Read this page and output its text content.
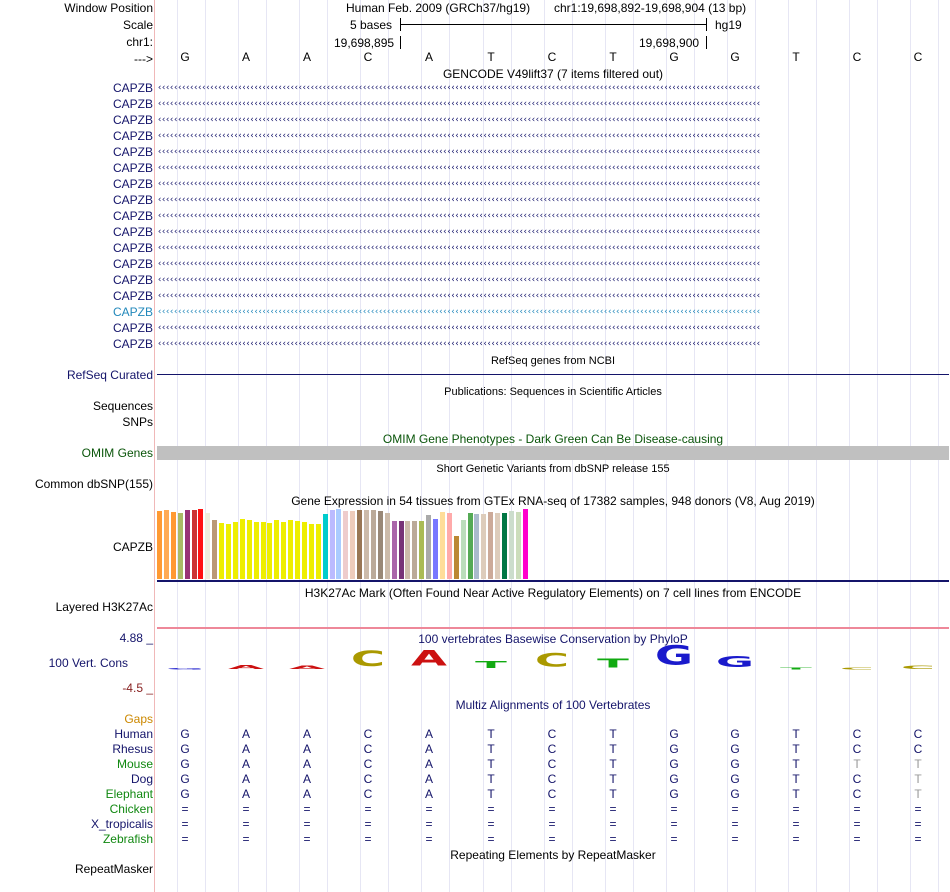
Window Position
Scale
chr1:
--->
Human Feb. 2009 (GRCh37/hg19) chr1:19,698,892-19,698,904 (13 bp)
5 bases	hg19
19,698,895	19,698,900
G	A	A	C	A	T	C	T	G	G	T	C	C
GENCODE V49lift37 (7 items filtered out)
CAPZB ‹‹‹‹‹‹‹‹‹‹‹‹‹‹‹‹‹‹‹‹‹‹‹‹‹‹‹‹‹‹‹‹‹‹‹‹‹‹‹‹‹‹‹‹‹‹‹‹‹‹‹‹‹‹‹‹‹‹‹‹‹‹‹‹‹‹‹‹‹‹‹‹‹‹‹‹‹‹‹‹‹‹‹‹‹‹‹‹‹‹‹‹‹‹‹‹‹‹‹‹‹‹‹‹‹‹‹‹‹‹‹‹‹‹‹‹‹‹‹‹‹‹‹‹‹‹‹‹‹‹‹‹‹‹‹‹‹‹‹‹‹‹‹‹‹‹‹‹‹‹
CAPZB ‹‹‹‹‹‹‹‹‹‹‹‹‹‹‹‹‹‹‹‹‹‹‹‹‹‹‹‹‹‹‹‹‹‹‹‹‹‹‹‹‹‹‹‹‹‹‹‹‹‹‹‹‹‹‹‹‹‹‹‹‹‹‹‹‹‹‹‹‹‹‹‹‹‹‹‹‹‹‹‹‹‹‹‹‹‹‹‹‹‹‹‹‹‹‹‹‹‹‹‹‹‹‹‹‹‹‹‹‹‹‹‹‹‹‹‹‹‹‹‹‹‹‹‹‹‹‹‹‹‹‹‹‹‹‹‹‹‹‹‹‹‹‹‹‹‹‹‹‹‹
CAPZB ‹‹‹‹‹‹‹‹‹‹‹‹‹‹‹‹‹‹‹‹‹‹‹‹‹‹‹‹‹‹‹‹‹‹‹‹‹‹‹‹‹‹‹‹‹‹‹‹‹‹‹‹‹‹‹‹‹‹‹‹‹‹‹‹‹‹‹‹‹‹‹‹‹‹‹‹‹‹‹‹‹‹‹‹‹‹‹‹‹‹‹‹‹‹‹‹‹‹‹‹‹‹‹‹‹‹‹‹‹‹‹‹‹‹‹‹‹‹‹‹‹‹‹‹‹‹‹‹‹‹‹‹‹‹‹‹‹‹‹‹‹‹‹‹‹‹‹‹‹‹
CAPZB ‹‹‹‹‹‹‹‹‹‹‹‹‹‹‹‹‹‹‹‹‹‹‹‹‹‹‹‹‹‹‹‹‹‹‹‹‹‹‹‹‹‹‹‹‹‹‹‹‹‹‹‹‹‹‹‹‹‹‹‹‹‹‹‹‹‹‹‹‹‹‹‹‹‹‹‹‹‹‹‹‹‹‹‹‹‹‹‹‹‹‹‹‹‹‹‹‹‹‹‹‹‹‹‹‹‹‹‹‹‹‹‹‹‹‹‹‹‹‹‹‹‹‹‹‹‹‹‹‹‹‹‹‹‹‹‹‹‹‹‹‹‹‹‹‹‹‹‹‹‹
CAPZB ‹‹‹‹‹‹‹‹‹‹‹‹‹‹‹‹‹‹‹‹‹‹‹‹‹‹‹‹‹‹‹‹‹‹‹‹‹‹‹‹‹‹‹‹‹‹‹‹‹‹‹‹‹‹‹‹‹‹‹‹‹‹‹‹‹‹‹‹‹‹‹‹‹‹‹‹‹‹‹‹‹‹‹‹‹‹‹‹‹‹‹‹‹‹‹‹‹‹‹‹‹‹‹‹‹‹‹‹‹‹‹‹‹‹‹‹‹‹‹‹‹‹‹‹‹‹‹‹‹‹‹‹‹‹‹‹‹‹‹‹‹‹‹‹‹‹‹‹‹‹
CAPZB ‹‹‹‹‹‹‹‹‹‹‹‹‹‹‹‹‹‹‹‹‹‹‹‹‹‹‹‹‹‹‹‹‹‹‹‹‹‹‹‹‹‹‹‹‹‹‹‹‹‹‹‹‹‹‹‹‹‹‹‹‹‹‹‹‹‹‹‹‹‹‹‹‹‹‹‹‹‹‹‹‹‹‹‹‹‹‹‹‹‹‹‹‹‹‹‹‹‹‹‹‹‹‹‹‹‹‹‹‹‹‹‹‹‹‹‹‹‹‹‹‹‹‹‹‹‹‹‹‹‹‹‹‹‹‹‹‹‹‹‹‹‹‹‹‹‹‹‹‹‹
CAPZB ‹‹‹‹‹‹‹‹‹‹‹‹‹‹‹‹‹‹‹‹‹‹‹‹‹‹‹‹‹‹‹‹‹‹‹‹‹‹‹‹‹‹‹‹‹‹‹‹‹‹‹‹‹‹‹‹‹‹‹‹‹‹‹‹‹‹‹‹‹‹‹‹‹‹‹‹‹‹‹‹‹‹‹‹‹‹‹‹‹‹‹‹‹‹‹‹‹‹‹‹‹‹‹‹‹‹‹‹‹‹‹‹‹‹‹‹‹‹‹‹‹‹‹‹‹‹‹‹‹‹‹‹‹‹‹‹‹‹‹‹‹‹‹‹‹‹‹‹‹‹
CAPZB ‹‹‹‹‹‹‹‹‹‹‹‹‹‹‹‹‹‹‹‹‹‹‹‹‹‹‹‹‹‹‹‹‹‹‹‹‹‹‹‹‹‹‹‹‹‹‹‹‹‹‹‹‹‹‹‹‹‹‹‹‹‹‹‹‹‹‹‹‹‹‹‹‹‹‹‹‹‹‹‹‹‹‹‹‹‹‹‹‹‹‹‹‹‹‹‹‹‹‹‹‹‹‹‹‹‹‹‹‹‹‹‹‹‹‹‹‹‹‹‹‹‹‹‹‹‹‹‹‹‹‹‹‹‹‹‹‹‹‹‹‹‹‹‹‹‹‹‹‹‹
CAPZB ‹‹‹‹‹‹‹‹‹‹‹‹‹‹‹‹‹‹‹‹‹‹‹‹‹‹‹‹‹‹‹‹‹‹‹‹‹‹‹‹‹‹‹‹‹‹‹‹‹‹‹‹‹‹‹‹‹‹‹‹‹‹‹‹‹‹‹‹‹‹‹‹‹‹‹‹‹‹‹‹‹‹‹‹‹‹‹‹‹‹‹‹‹‹‹‹‹‹‹‹‹‹‹‹‹‹‹‹‹‹‹‹‹‹‹‹‹‹‹‹‹‹‹‹‹‹‹‹‹‹‹‹‹‹‹‹‹‹‹‹‹‹‹‹‹‹‹‹‹‹
CAPZB ‹‹‹‹‹‹‹‹‹‹‹‹‹‹‹‹‹‹‹‹‹‹‹‹‹‹‹‹‹‹‹‹‹‹‹‹‹‹‹‹‹‹‹‹‹‹‹‹‹‹‹‹‹‹‹‹‹‹‹‹‹‹‹‹‹‹‹‹‹‹‹‹‹‹‹‹‹‹‹‹‹‹‹‹‹‹‹‹‹‹‹‹‹‹‹‹‹‹‹‹‹‹‹‹‹‹‹‹‹‹‹‹‹‹‹‹‹‹‹‹‹‹‹‹‹‹‹‹‹‹‹‹‹‹‹‹‹‹‹‹‹‹‹‹‹‹‹‹‹‹
CAPZB ‹‹‹‹‹‹‹‹‹‹‹‹‹‹‹‹‹‹‹‹‹‹‹‹‹‹‹‹‹‹‹‹‹‹‹‹‹‹‹‹‹‹‹‹‹‹‹‹‹‹‹‹‹‹‹‹‹‹‹‹‹‹‹‹‹‹‹‹‹‹‹‹‹‹‹‹‹‹‹‹‹‹‹‹‹‹‹‹‹‹‹‹‹‹‹‹‹‹‹‹‹‹‹‹‹‹‹‹‹‹‹‹‹‹‹‹‹‹‹‹‹‹‹‹‹‹‹‹‹‹‹‹‹‹‹‹‹‹‹‹‹‹‹‹‹‹‹‹‹‹
CAPZB ‹‹‹‹‹‹‹‹‹‹‹‹‹‹‹‹‹‹‹‹‹‹‹‹‹‹‹‹‹‹‹‹‹‹‹‹‹‹‹‹‹‹‹‹‹‹‹‹‹‹‹‹‹‹‹‹‹‹‹‹‹‹‹‹‹‹‹‹‹‹‹‹‹‹‹‹‹‹‹‹‹‹‹‹‹‹‹‹‹‹‹‹‹‹‹‹‹‹‹‹‹‹‹‹‹‹‹‹‹‹‹‹‹‹‹‹‹‹‹‹‹‹‹‹‹‹‹‹‹‹‹‹‹‹‹‹‹‹‹‹‹‹‹‹‹‹‹‹‹‹
CAPZB ‹‹‹‹‹‹‹‹‹‹‹‹‹‹‹‹‹‹‹‹‹‹‹‹‹‹‹‹‹‹‹‹‹‹‹‹‹‹‹‹‹‹‹‹‹‹‹‹‹‹‹‹‹‹‹‹‹‹‹‹‹‹‹‹‹‹‹‹‹‹‹‹‹‹‹‹‹‹‹‹‹‹‹‹‹‹‹‹‹‹‹‹‹‹‹‹‹‹‹‹‹‹‹‹‹‹‹‹‹‹‹‹‹‹‹‹‹‹‹‹‹‹‹‹‹‹‹‹‹‹‹‹‹‹‹‹‹‹‹‹‹‹‹‹‹‹‹‹‹‹
CAPZB ‹‹‹‹‹‹‹‹‹‹‹‹‹‹‹‹‹‹‹‹‹‹‹‹‹‹‹‹‹‹‹‹‹‹‹‹‹‹‹‹‹‹‹‹‹‹‹‹‹‹‹‹‹‹‹‹‹‹‹‹‹‹‹‹‹‹‹‹‹‹‹‹‹‹‹‹‹‹‹‹‹‹‹‹‹‹‹‹‹‹‹‹‹‹‹‹‹‹‹‹‹‹‹‹‹‹‹‹‹‹‹‹‹‹‹‹‹‹‹‹‹‹‹‹‹‹‹‹‹‹‹‹‹‹‹‹‹‹‹‹‹‹‹‹‹‹‹‹‹‹
CAPZB ‹‹‹‹‹‹‹‹‹‹‹‹‹‹‹‹‹‹‹‹‹‹‹‹‹‹‹‹‹‹‹‹‹‹‹‹‹‹‹‹‹‹‹‹‹‹‹‹‹‹‹‹‹‹‹‹‹‹‹‹‹‹‹‹‹‹‹‹‹‹‹‹‹‹‹‹‹‹‹‹‹‹‹‹‹‹‹‹‹‹‹‹‹‹‹‹‹‹‹‹‹‹‹‹‹‹‹‹‹‹‹‹‹‹‹‹‹‹‹‹‹‹‹‹‹‹‹‹‹‹‹‹‹‹‹‹‹‹‹‹‹‹‹‹‹‹‹‹‹‹
CAPZB ‹‹‹‹‹‹‹‹‹‹‹‹‹‹‹‹‹‹‹‹‹‹‹‹‹‹‹‹‹‹‹‹‹‹‹‹‹‹‹‹‹‹‹‹‹‹‹‹‹‹‹‹‹‹‹‹‹‹‹‹‹‹‹‹‹‹‹‹‹‹‹‹‹‹‹‹‹‹‹‹‹‹‹‹‹‹‹‹‹‹‹‹‹‹‹‹‹‹‹‹‹‹‹‹‹‹‹‹‹‹‹‹‹‹‹‹‹‹‹‹‹‹‹‹‹‹‹‹‹‹‹‹‹‹‹‹‹‹‹‹‹‹‹‹‹‹‹‹‹‹
CAPZB ‹‹‹‹‹‹‹‹‹‹‹‹‹‹‹‹‹‹‹‹‹‹‹‹‹‹‹‹‹‹‹‹‹‹‹‹‹‹‹‹‹‹‹‹‹‹‹‹‹‹‹‹‹‹‹‹‹‹‹‹‹‹‹‹‹‹‹‹‹‹‹‹‹‹‹‹‹‹‹‹‹‹‹‹‹‹‹‹‹‹‹‹‹‹‹‹‹‹‹‹‹‹‹‹‹‹‹‹‹‹‹‹‹‹‹‹‹‹‹‹‹‹‹‹‹‹‹‹‹‹‹‹‹‹‹‹‹‹‹‹‹‹‹‹‹‹‹‹‹‹
RefSeq genes from NCBI
RefSeq Curated
Publications: Sequences in Scientific Articles
Sequences
SNPs
OMIM Gene Phenotypes - Dark Green Can Be Disease-causing
OMIM Genes
Short Genetic Variants from dbSNP release 155
Common dbSNP(155)
Gene Expression in 54 tissues from GTEx RNA-seq of 17382 samples, 948 donors (V8, Aug 2019)
CAPZB
H3K27Ac Mark (Often Found Near Active Regulatory Elements) on 7 cell lines from ENCODE
Layered H3K27Ac
100 vertebrates Basewise Conservation by PhyloP
4.88 _
100 Vert. Cons
-4.5 _
G A A C A T C T G G T C C
Multiz Alignments of 100 Vertebrates
Gaps
Human	G	A	A	C	A	T	C	T	G	G	T	C	C
Rhesus	G	A	A	C	A	T	C	T	G	G	T	C	C
Mouse	G	A	A	C	A	T	C	T	G	G	T	T	T
Dog	G	A	A	C	A	T	C	T	G	G	T	C	T
Elephant	G	A	A	C	A	T	C	T	G	G	T	C	T
Chicken	=	=	=	=	=	=	=	=	=	=	=	=	=
X_tropicalis	=	=	=	=	=	=	=	=	=	=	=	=	=
Zebrafish	=	=	=	=	=	=	=	=	=	=	=	=	=
Repeating Elements by RepeatMasker
RepeatMasker
